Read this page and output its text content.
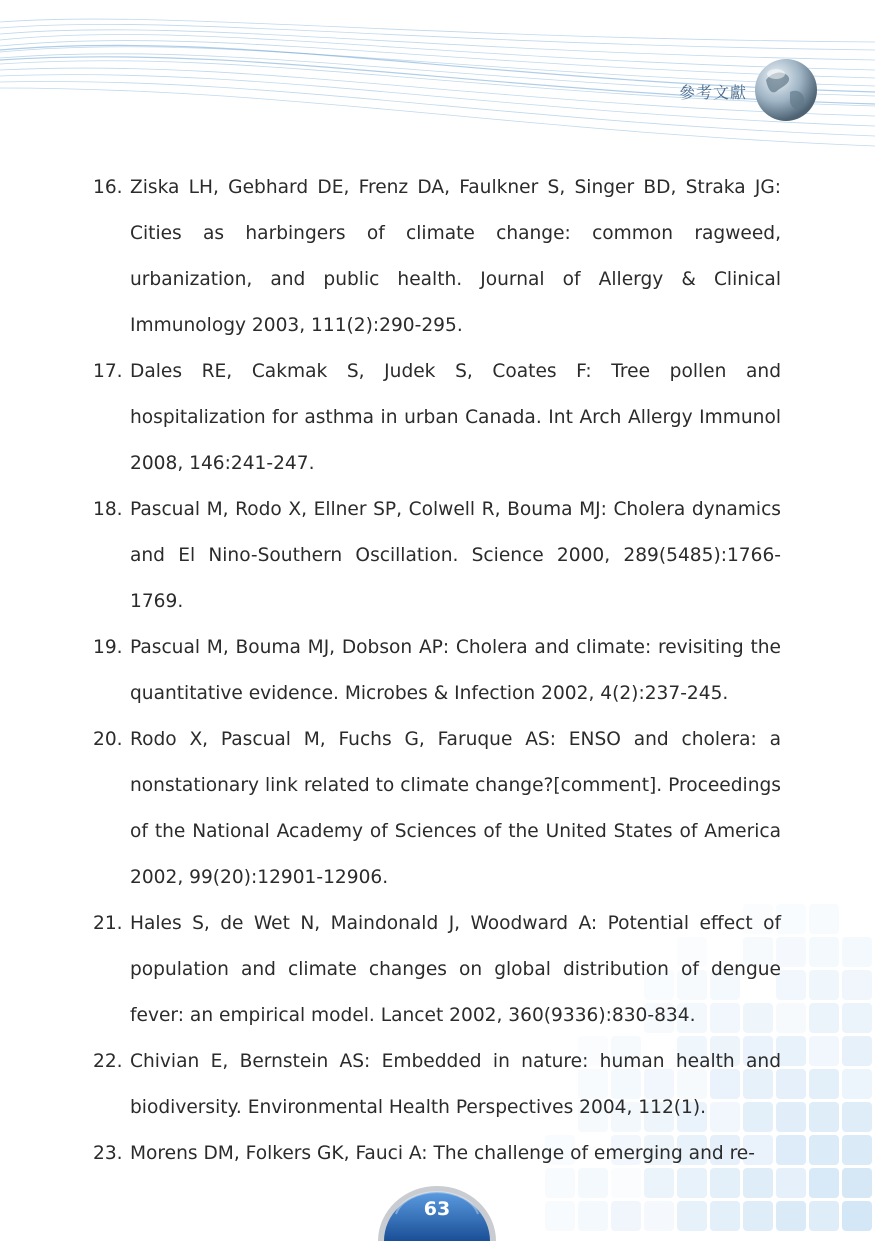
參考文獻
16. Ziska LH, Gebhard DE, Frenz DA, Faulkner S, Singer BD, Straka JG: Cities as harbingers of climate change: common ragweed, urbanization, and public health. Journal of Allergy & Clinical Immunology 2003, 111(2):290-295.
17. Dales RE, Cakmak S, Judek S, Coates F: Tree pollen and hospitalization for asthma in urban Canada. Int Arch Allergy Immunol 2008, 146:241-247.
18. Pascual M, Rodo X, Ellner SP, Colwell R, Bouma MJ: Cholera dynamics and El Nino-Southern Oscillation. Science 2000, 289(5485):1766-1769.
19. Pascual M, Bouma MJ, Dobson AP: Cholera and climate: revisiting the quantitative evidence. Microbes & Infection 2002, 4(2):237-245.
20. Rodo X, Pascual M, Fuchs G, Faruque AS: ENSO and cholera: a nonstationary link related to climate change?[comment]. Proceedings of the National Academy of Sciences of the United States of America 2002, 99(20):12901-12906.
21. Hales S, de Wet N, Maindonald J, Woodward A: Potential effect of population and climate changes on global distribution of dengue fever: an empirical model. Lancet 2002, 360(9336):830-834.
22. Chivian E, Bernstein AS: Embedded in nature: human health and biodiversity. Environmental Health Perspectives 2004, 112(1).
23. Morens DM, Folkers GK, Fauci A: The challenge of emerging and re-
63
